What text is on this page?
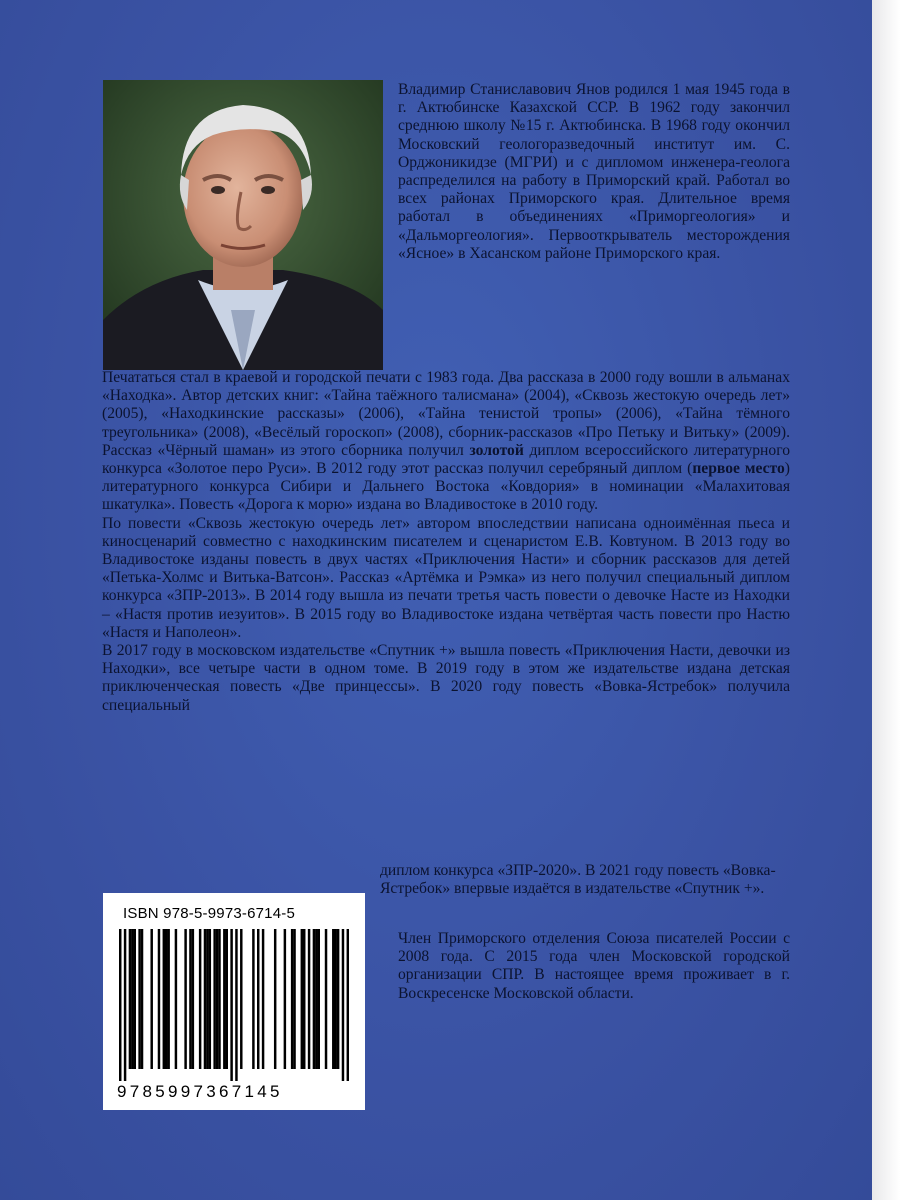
Владимир Станиславович Янов родился 1 мая 1945 года в г. Актюбинске Казахской ССР. В 1962 году закончил среднюю школу №15 г. Актюбинска. В 1968 году окончил Московский геологоразведочный институт им. С. Орджоникидзе (МГРИ) и с дипломом инженера-геолога распределился на работу в Приморский край. Работал во всех районах Приморского края. Длительное время работал в объединениях «Приморгеология» и «Дальморгеология». Первооткрыватель месторождения «Ясное» в Хасанском районе Приморского края.

Печататься стал в краевой и городской печати с 1983 года. Два рассказа в 2000 году вошли в альманах «Находка». Автор детских книг: «Тайна таёжного талисмана» (2004), «Сквозь жестокую очередь лет» (2005), «Находкинские рассказы» (2006), «Тайна тенистой тропы» (2006), «Тайна тёмного треугольника» (2008), «Весёлый гороскоп» (2008), сборник-рассказов «Про Петьку и Витьку» (2009). Рассказ «Чёрный шаман» из этого сборника получил золотой диплом всероссийского литературного конкурса «Золотое перо Руси». В 2012 году этот рассказ получил серебряный диплом (первое место) литературного конкурса Сибири и Дальнего Востока «Ковдория» в номинации «Малахитовая шкатулка». Повесть «Дорога к морю» издана во Владивостоке в 2010 году.

По повести «Сквозь жестокую очередь лет» автором впоследствии написана одноимённая пьеса и киносценарий совместно с находкинским писателем и сценаристом Е.В. Ковтуном. В 2013 году во Владивостоке изданы повесть в двух частях «Приключения Насти» и сборник рассказов для детей «Петька-Холмс и Витька-Ватсон». Рассказ «Артёмка и Рэмка» из него получил специальный диплом конкурса «ЗПР-2013». В 2014 году вышла из печати третья часть повести о девочке Насте из Находки – «Настя против иезуитов». В 2015 году во Владивостоке издана четвёртая часть повести про Настю «Настя и Наполеон».

В 2017 году в московском издательстве «Спутник +» вышла повесть «Приключения Насти, девочки из Находки», все четыре части в одном томе. В 2019 году в этом же издательстве издана детская приключенческая повесть «Две принцессы». В 2020 году повесть «Вовка-Ястребок» получила специальный

диплом конкурса «ЗПР-2020». В 2021 году повесть «Вовка-Ястребок» впервые издаётся в издательстве «Спутник +».

Член Приморского отделения Союза писателей России с 2008 года. С 2015 года член Московской городской организации СПР. В настоящее время проживает в г. Воскресенске Московской области.

ISBN 978-5-9973-6714-5
9785997367145
